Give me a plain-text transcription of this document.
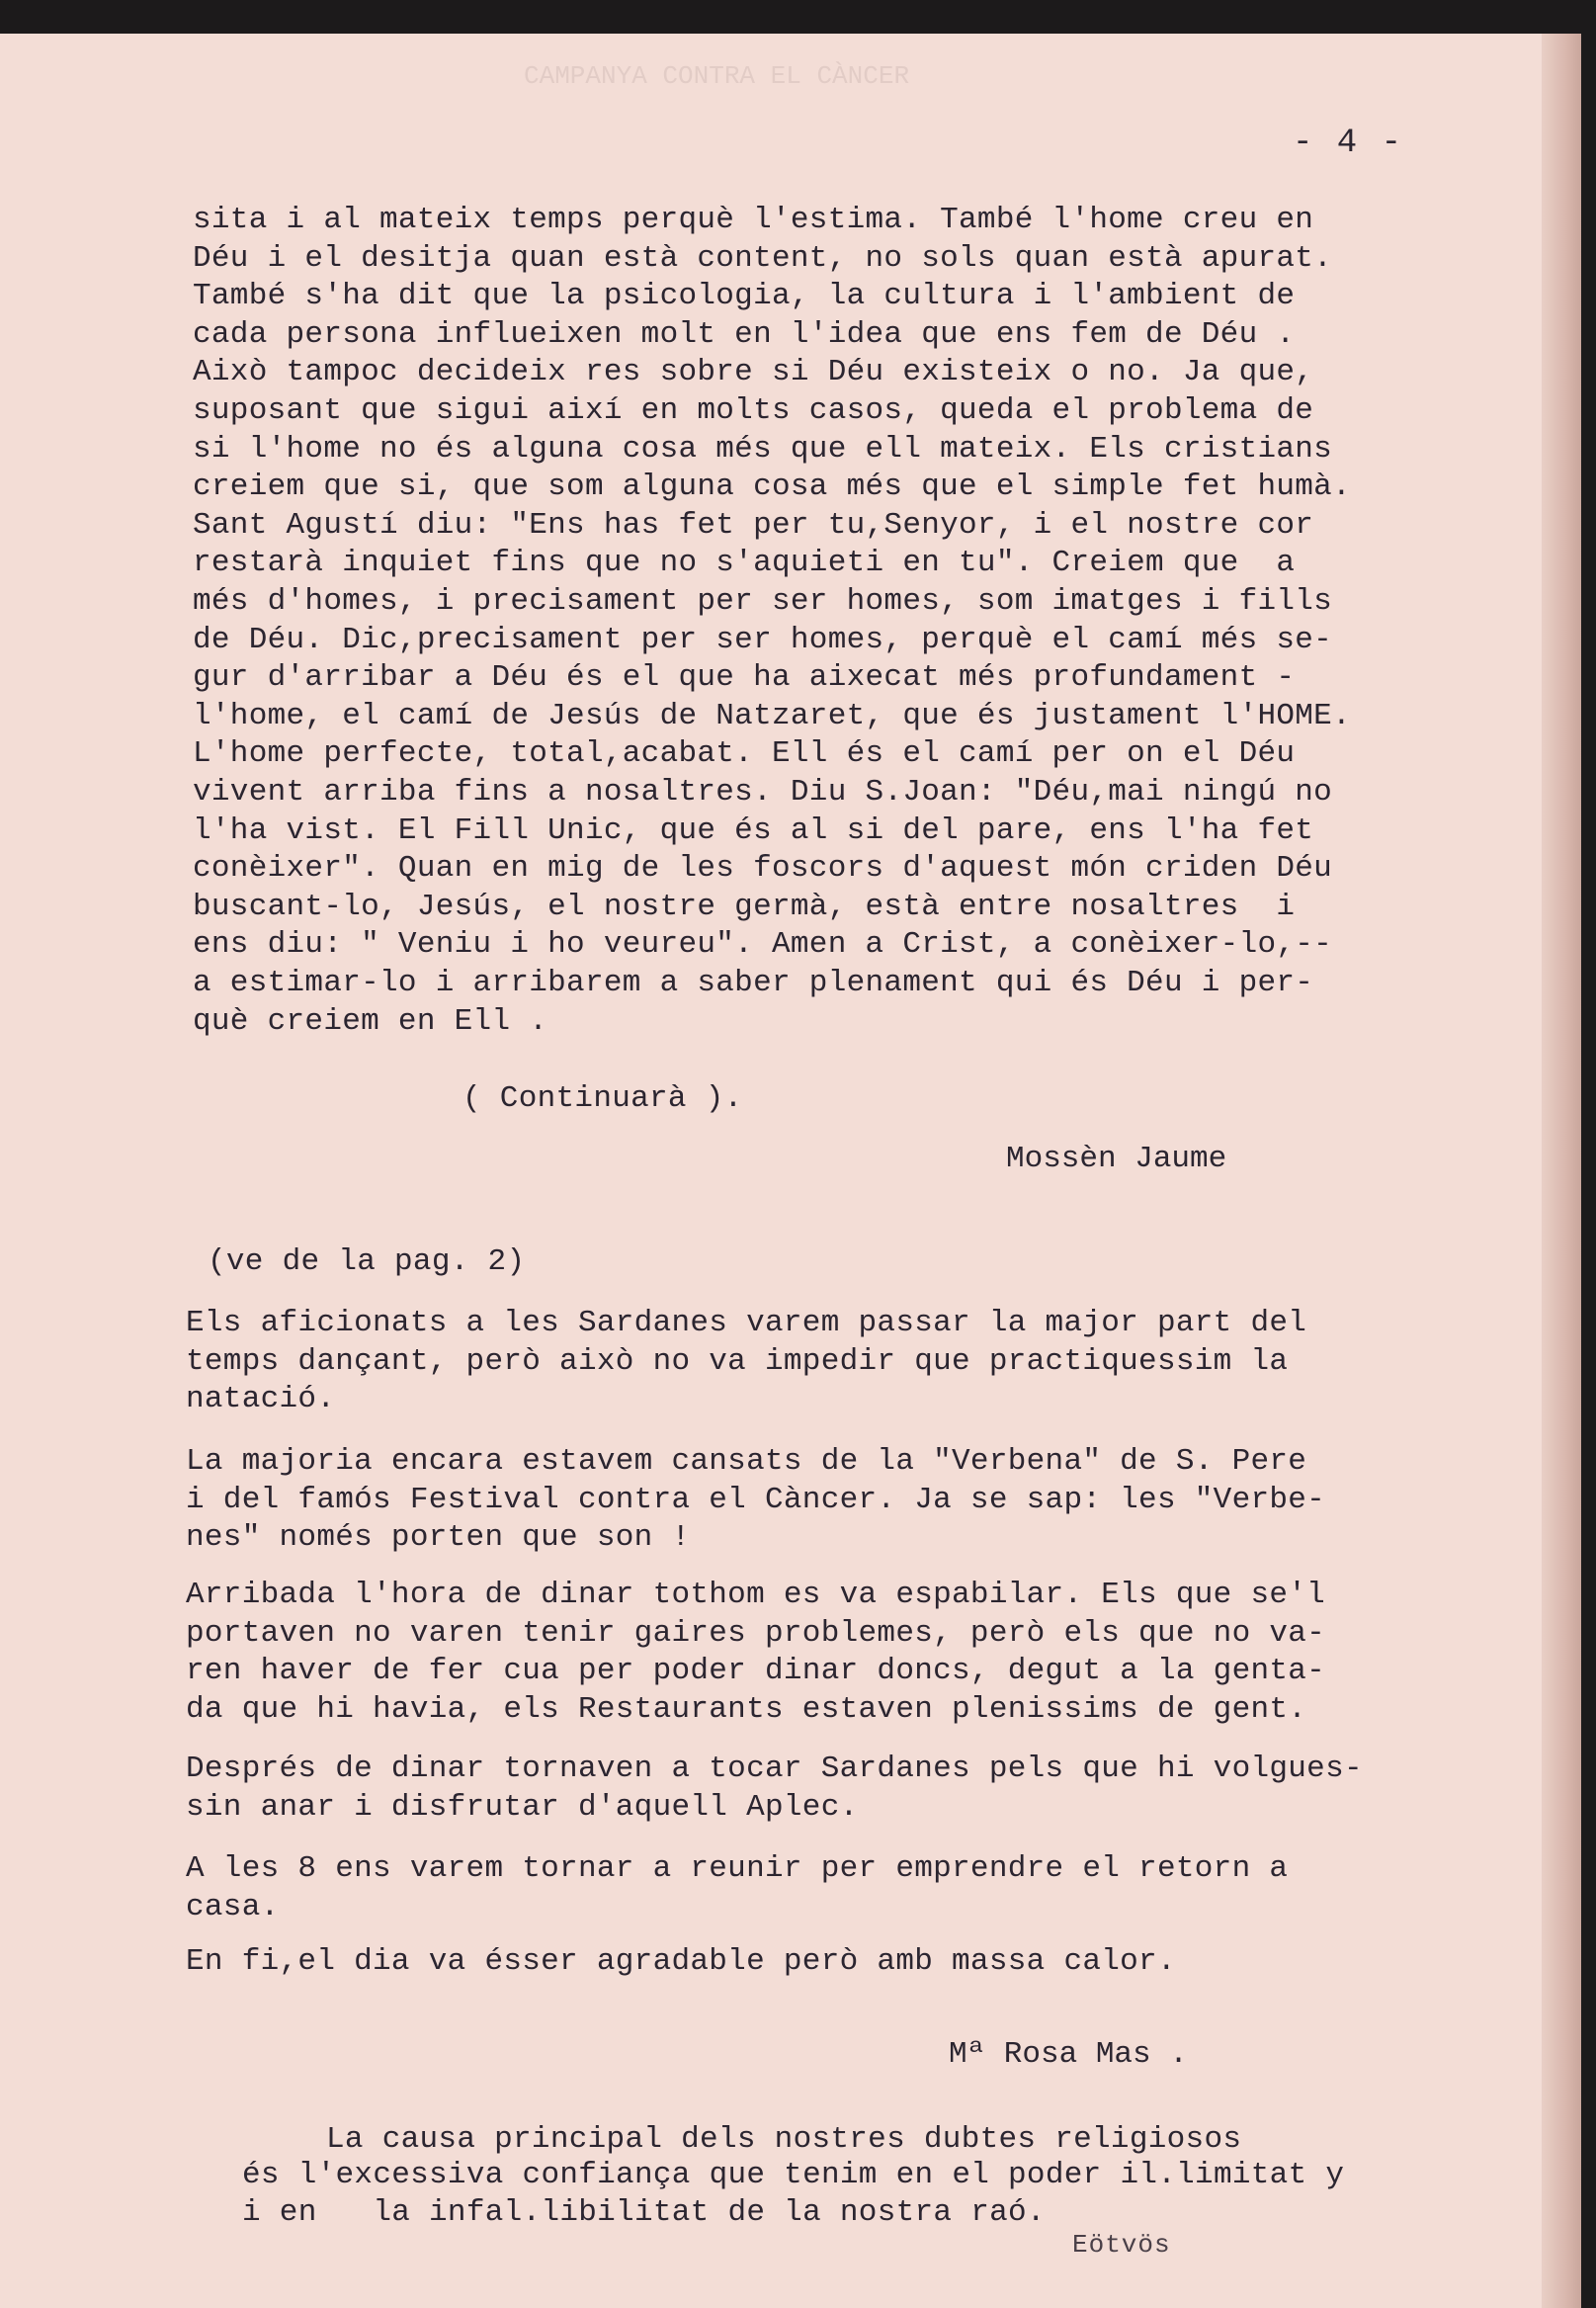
CAMPANYA CONTRA EL CÀNCER
- 4 -
sita i al mateix temps perquè l'estima. També l'home creu en
Déu i el desitja quan està content, no sols quan està apurat.
També s'ha dit que la psicologia, la cultura i l'ambient de
cada persona influeixen molt en l'idea que ens fem de Déu .
Això tampoc decideix res sobre si Déu existeix o no. Ja que,
suposant que sigui així en molts casos, queda el problema de
si l'home no és alguna cosa més que ell mateix. Els cristians
creiem que si, que som alguna cosa més que el simple fet humà.
Sant Agustí diu: "Ens has fet per tu,Senyor, i el nostre cor
restarà inquiet fins que no s'aquieti en tu". Creiem que  a
més d'homes, i precisament per ser homes, som imatges i fills
de Déu. Dic,precisament per ser homes, perquè el camí més se-
gur d'arribar a Déu és el que ha aixecat més profundament -
l'home, el camí de Jesús de Natzaret, que és justament l'HOME.
L'home perfecte, total,acabat. Ell és el camí per on el Déu
vivent arriba fins a nosaltres. Diu S.Joan: "Déu,mai ningú no
l'ha vist. El Fill Unic, que és al si del pare, ens l'ha fet
conèixer". Quan en mig de les foscors d'aquest món criden Déu
buscant-lo, Jesús, el nostre germà, està entre nosaltres  i
ens diu: " Veniu i ho veureu". Amen a Crist, a conèixer-lo,--
a estimar-lo i arribarem a saber plenament qui és Déu i per-
què creiem en Ell .
( Continuarà ).
Mossèn Jaume
(ve de la pag. 2)
Els aficionats a les Sardanes varem passar la major part del
temps dançant, però això no va impedir que practiquessim la
natació.
La majoria encara estavem cansats de la "Verbena" de S. Pere
i del famós Festival contra el Càncer. Ja se sap: les "Verbe-
nes" només porten que son !
Arribada l'hora de dinar tothom es va espabilar. Els que se'l
portaven no varen tenir gaires problemes, però els que no va-
ren haver de fer cua per poder dinar doncs, degut a la genta-
da que hi havia, els Restaurants estaven plenissims de gent.
Després de dinar tornaven a tocar Sardanes pels que hi volgues-
sin anar i disfrutar d'aquell Aplec.
A les 8 ens varem tornar a reunir per emprendre el retorn a
casa.
En fi,el dia va ésser agradable però amb massa calor.
Mª Rosa Mas .
La causa principal dels nostres dubtes religiosos
és l'excessiva confiança que tenim en el poder il.limitat y
i en   la infal.libilitat de la nostra raó.
Eötvös
